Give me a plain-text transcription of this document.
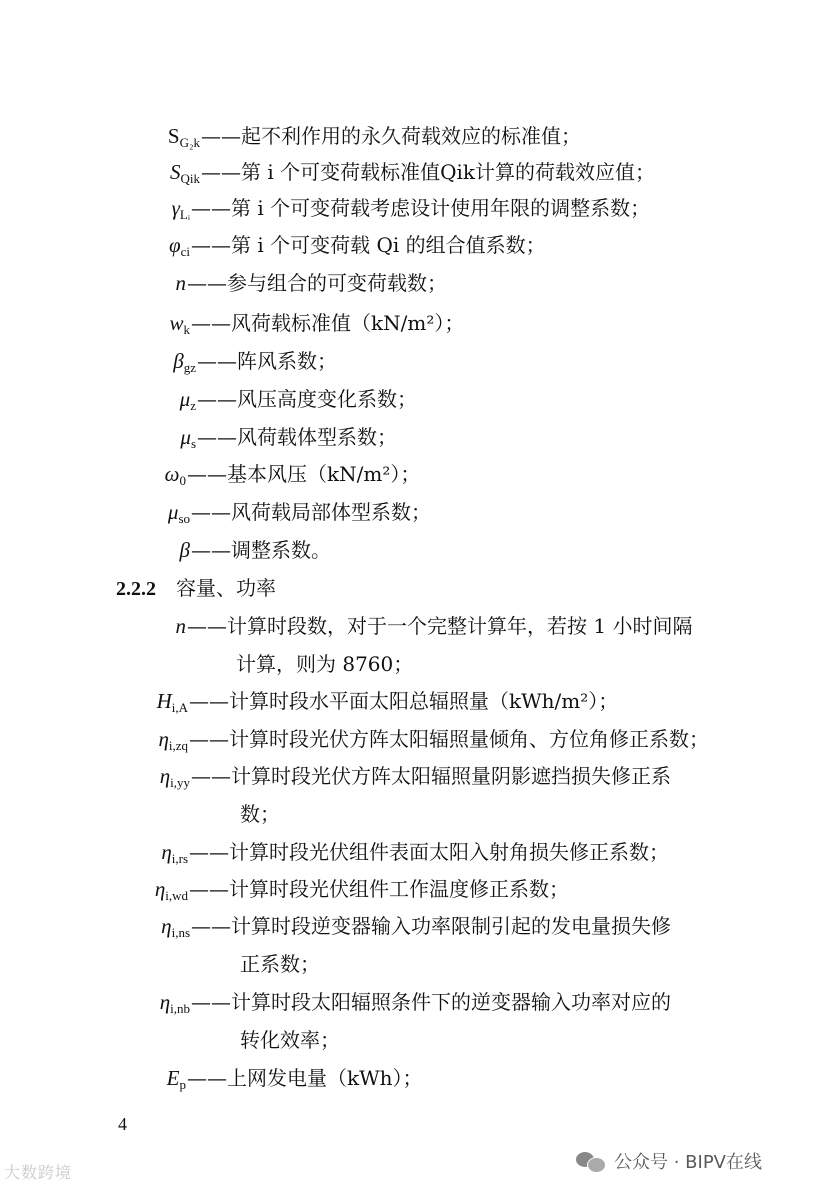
$S_{G_2k}$ ——起不利作用的永久荷载效应的标准值；
$S_{Qik}$ ——第 i 个可变荷载标准值Qik计算的荷载效应值；
$\gamma_{Lᵢ}$ ——第 i 个可变荷载考虑设计使用年限的调整系数；
$\varphi_{ci}$ ——第 i 个可变荷载 Qi 的组合值系数；
n ——参与组合的可变荷载数；
$w_k$ ——风荷载标准值（kN/m²）；
$\beta_{gz}$ ——阵风系数；
$\mu_z$ ——风压高度变化系数；
$\mu_s$ ——风荷载体型系数；
$\omega_0$ ——基本风压（kN/m²）；
$\mu_{so}$ ——风荷载局部体型系数；
β ——调整系数。
2.2.2 容量、功率
n ——计算时段数，对于一个完整计算年，若按 1 小时间隔
计算，则为 8760；
$H_{i,A}$ ——计算时段水平面太阳总辐照量（kWh/m²）；
$\eta_{i,zq}$ ——计算时段光伏方阵太阳辐照量倾角、方位角修正系数；
$\eta_{i,yy}$ ——计算时段光伏方阵太阳辐照量阴影遮挡损失修正系
数；
$\eta_{i,rs}$ ——计算时段光伏组件表面太阳入射角损失修正系数；
$\eta_{i,wd}$ ——计算时段光伏组件工作温度修正系数；
$\eta_{i,ns}$ ——计算时段逆变器输入功率限制引起的发电量损失修
正系数；
$\eta_{i,nb}$ ——计算时段太阳辐照条件下的逆变器输入功率对应的
转化效率；
$E_p$ ——上网发电量（kWh）；
4
公众号 · BIPV在线
大数跨境
